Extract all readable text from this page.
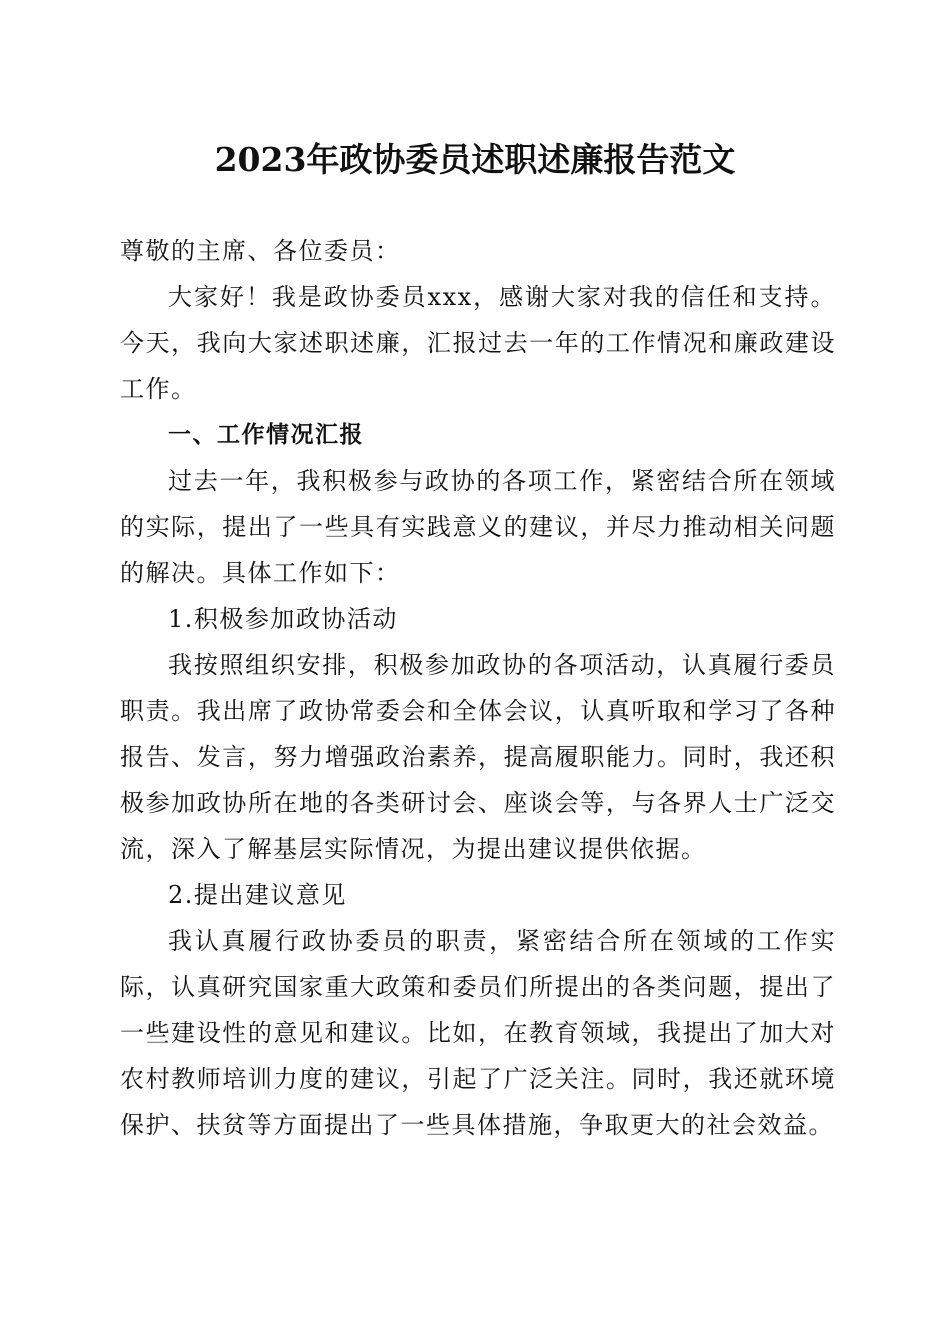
2023年政协委员述职述廉报告范文

尊敬的主席、各位委员：

大家好！我是政协委员xxx，感谢大家对我的信任和支持。今天，我向大家述职述廉，汇报过去一年的工作情况和廉政建设工作。

一、工作情况汇报

过去一年，我积极参与政协的各项工作，紧密结合所在领域的实际，提出了一些具有实践意义的建议，并尽力推动相关问题的解决。具体工作如下：

1.积极参加政协活动

我按照组织安排，积极参加政协的各项活动，认真履行委员职责。我出席了政协常委会和全体会议，认真听取和学习了各种报告、发言，努力增强政治素养，提高履职能力。同时，我还积极参加政协所在地的各类研讨会、座谈会等，与各界人士广泛交流，深入了解基层实际情况，为提出建议提供依据。

2.提出建议意见

我认真履行政协委员的职责，紧密结合所在领域的工作实际，认真研究国家重大政策和委员们所提出的各类问题，提出了一些建设性的意见和建议。比如，在教育领域，我提出了加大对农村教师培训力度的建议，引起了广泛关注。同时，我还就环境保护、扶贫等方面提出了一些具体措施，争取更大的社会效益。
